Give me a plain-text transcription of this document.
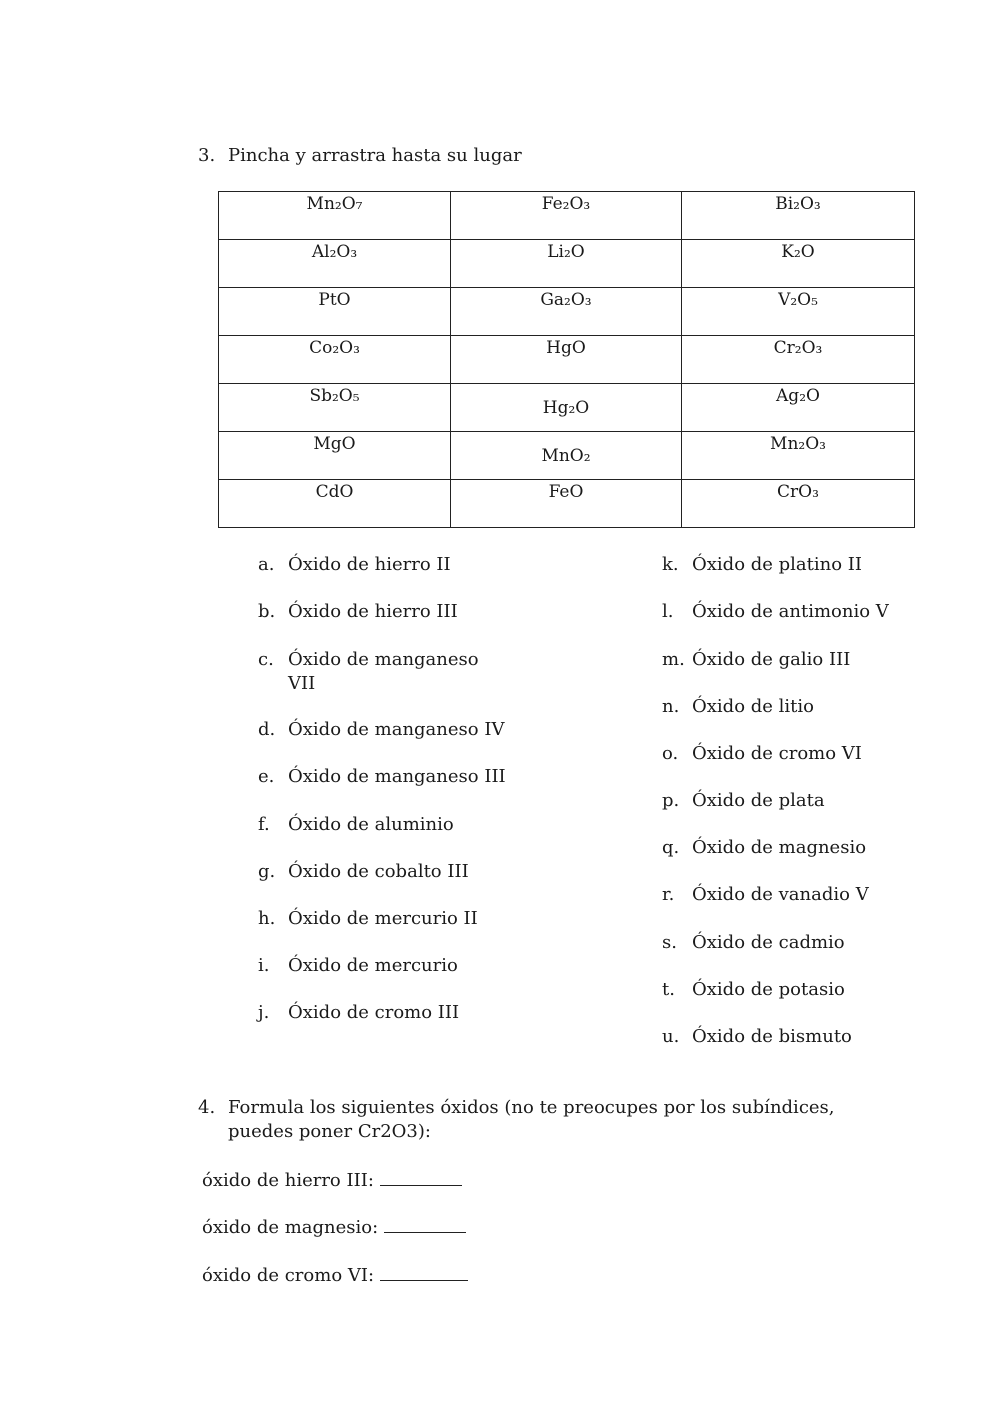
3. Pincha y arrastra hasta su lugar
Mn₂O₇	Fe₂O₃	Bi₂O₃

Al₂O₃	Li₂O	K₂O

PtO	Ga₂O₃	V₂O₅

Co₂O₃	HgO	Cr₂O₃

Sb₂O₅	Hg₂O	Ag₂O

MgO	MnO₂	Mn₂O₃

CdO	FeO	CrO₃
a. Óxido de hierro II
b. Óxido de hierro III
c. Óxido de manganeso VII
d. Óxido de manganeso IV
e. Óxido de manganeso III
f.	Óxido de aluminio
g. Óxido de cobalto III
h. Óxido de mercurio II
i.	Óxido de mercurio
j.	Óxido de cromo III
k. Óxido de platino II
l.	Óxido de antimonio V
m. Óxido de galio III
n. Óxido de litio
o. Óxido de cromo VI
p. Óxido de plata
q. Óxido de magnesio
r. Óxido de vanadio V
s. Óxido de cadmio
t. Óxido de potasio
u. Óxido de bismuto
4. Formula los siguientes óxidos (no te preocupes por los subíndices, puedes poner Cr2O3):
óxido de hierro III:
óxido de magnesio:
óxido de cromo VI:
